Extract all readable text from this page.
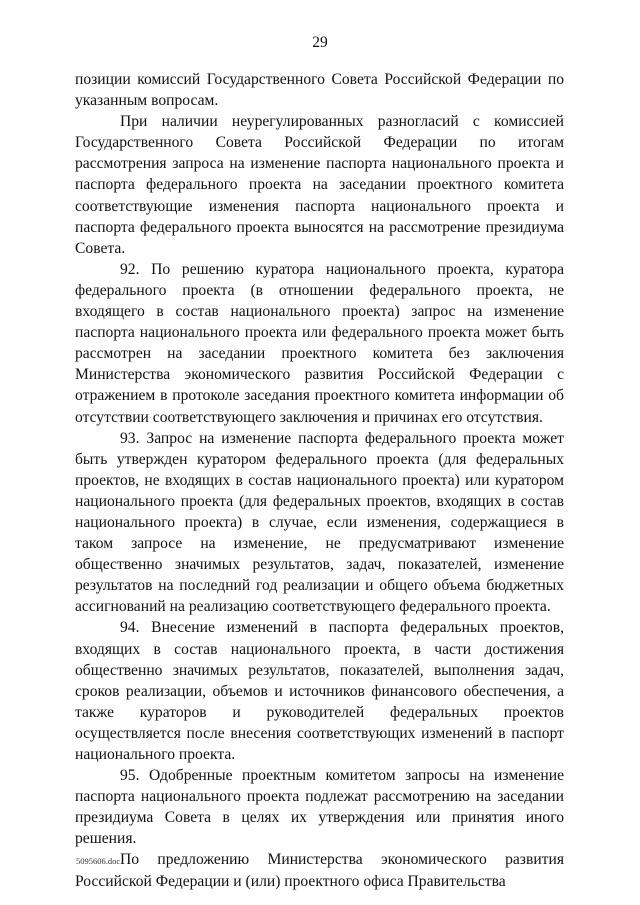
29

позиции комиссий Государственного Совета Российской Федерации по указанным вопросам.

При наличии неурегулированных разногласий с комиссией Государственного Совета Российской Федерации по итогам рассмотрения запроса на изменение паспорта национального проекта и паспорта федерального проекта на заседании проектного комитета соответствующие изменения паспорта национального проекта и паспорта федерального проекта выносятся на рассмотрение президиума Совета.

92. По решению куратора национального проекта, куратора федерального проекта (в отношении федерального проекта, не входящего в состав национального проекта) запрос на изменение паспорта национального проекта или федерального проекта может быть рассмотрен на заседании проектного комитета без заключения Министерства экономического развития Российской Федерации с отражением в протоколе заседания проектного комитета информации об отсутствии соответствующего заключения и причинах его отсутствия.

93. Запрос на изменение паспорта федерального проекта может быть утвержден куратором федерального проекта (для федеральных проектов, не входящих в состав национального проекта) или куратором национального проекта (для федеральных проектов, входящих в состав национального проекта) в случае, если изменения, содержащиеся в таком запросе на изменение, не предусматривают изменение общественно значимых результатов, задач, показателей, изменение результатов на последний год реализации и общего объема бюджетных ассигнований на реализацию соответствующего федерального проекта.

94. Внесение изменений в паспорта федеральных проектов, входящих в состав национального проекта, в части достижения общественно значимых результатов, показателей, выполнения задач, сроков реализации, объемов и источников финансового обеспечения, а также кураторов и руководителей федеральных проектов осуществляется после внесения соответствующих изменений в паспорт национального проекта.

95. Одобренные проектным комитетом запросы на изменение паспорта национального проекта подлежат рассмотрению на заседании президиума Совета в целях их утверждения или принятия иного решения.

По предложению Министерства экономического развития Российской Федерации и (или) проектного офиса Правительства

5095606.doc
